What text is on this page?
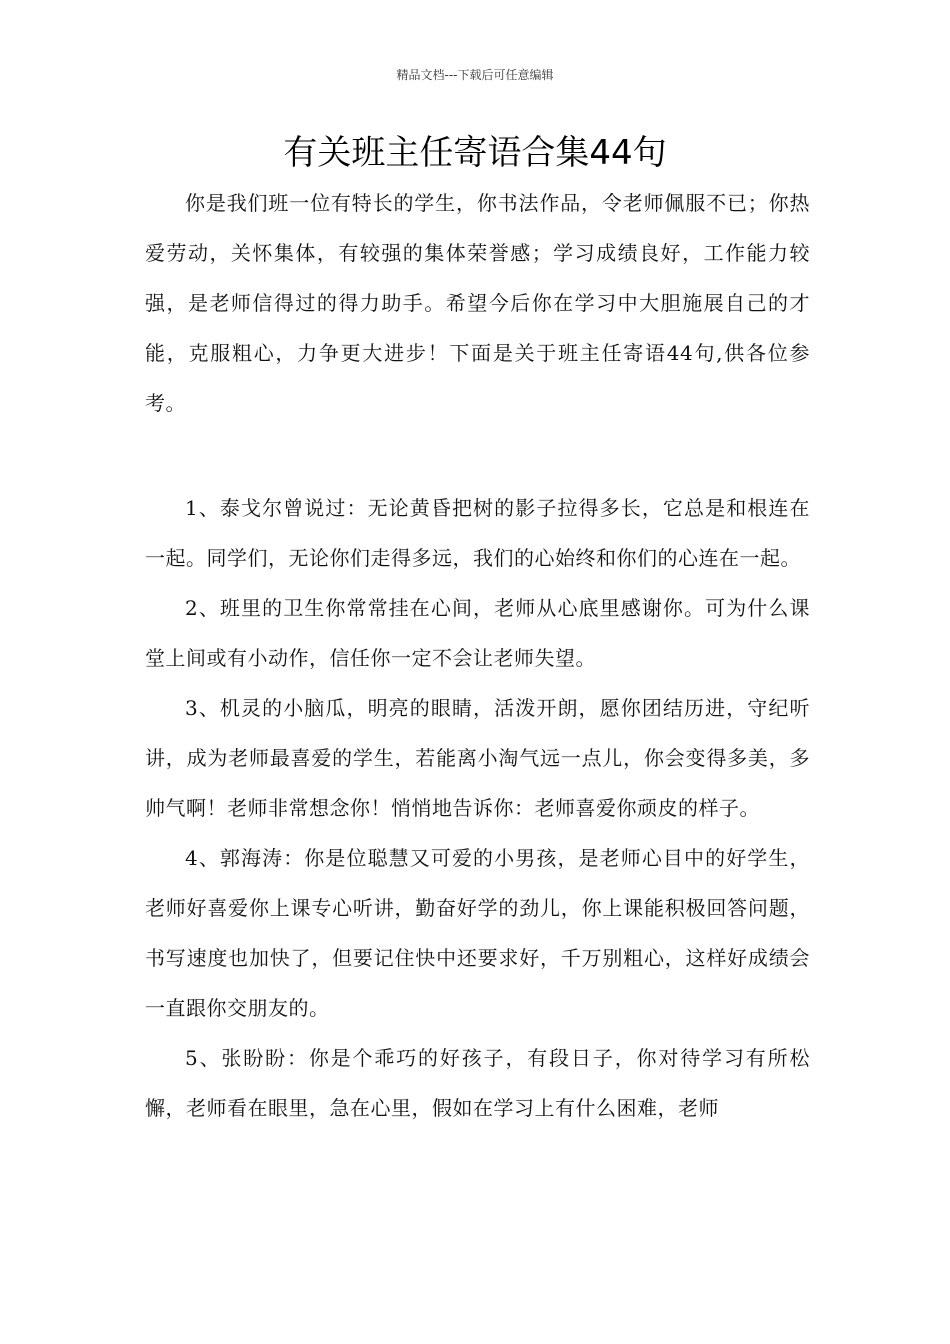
精品文档---下载后可任意编辑
有关班主任寄语合集44句

你是我们班一位有特长的学生，你书法作品，令老师佩服不已；你热爱劳动，关怀集体，有较强的集体荣誉感；学习成绩良好，工作能力较强，是老师信得过的得力助手。希望今后你在学习中大胆施展自己的才能，克服粗心，力争更大进步！下面是关于班主任寄语44句,供各位参考。

1、泰戈尔曾说过：无论黄昏把树的影子拉得多长，它总是和根连在一起。同学们，无论你们走得多远，我们的心始终和你们的心连在一起。

2、班里的卫生你常常挂在心间，老师从心底里感谢你。可为什么课堂上间或有小动作，信任你一定不会让老师失望。

3、机灵的小脑瓜，明亮的眼睛，活泼开朗，愿你团结历进，守纪听讲，成为老师最喜爱的学生，若能离小淘气远一点儿，你会变得多美，多帅气啊！老师非常想念你！悄悄地告诉你：老师喜爱你顽皮的样子。

4、郭海涛：你是位聪慧又可爱的小男孩，是老师心目中的好学生，老师好喜爱你上课专心听讲，勤奋好学的劲儿，你上课能积极回答问题，书写速度也加快了，但要记住快中还要求好，千万别粗心，这样好成绩会一直跟你交朋友的。

5、张盼盼：你是个乖巧的好孩子，有段日子，你对待学习有所松懈，老师看在眼里，急在心里，假如在学习上有什么困难，老师
